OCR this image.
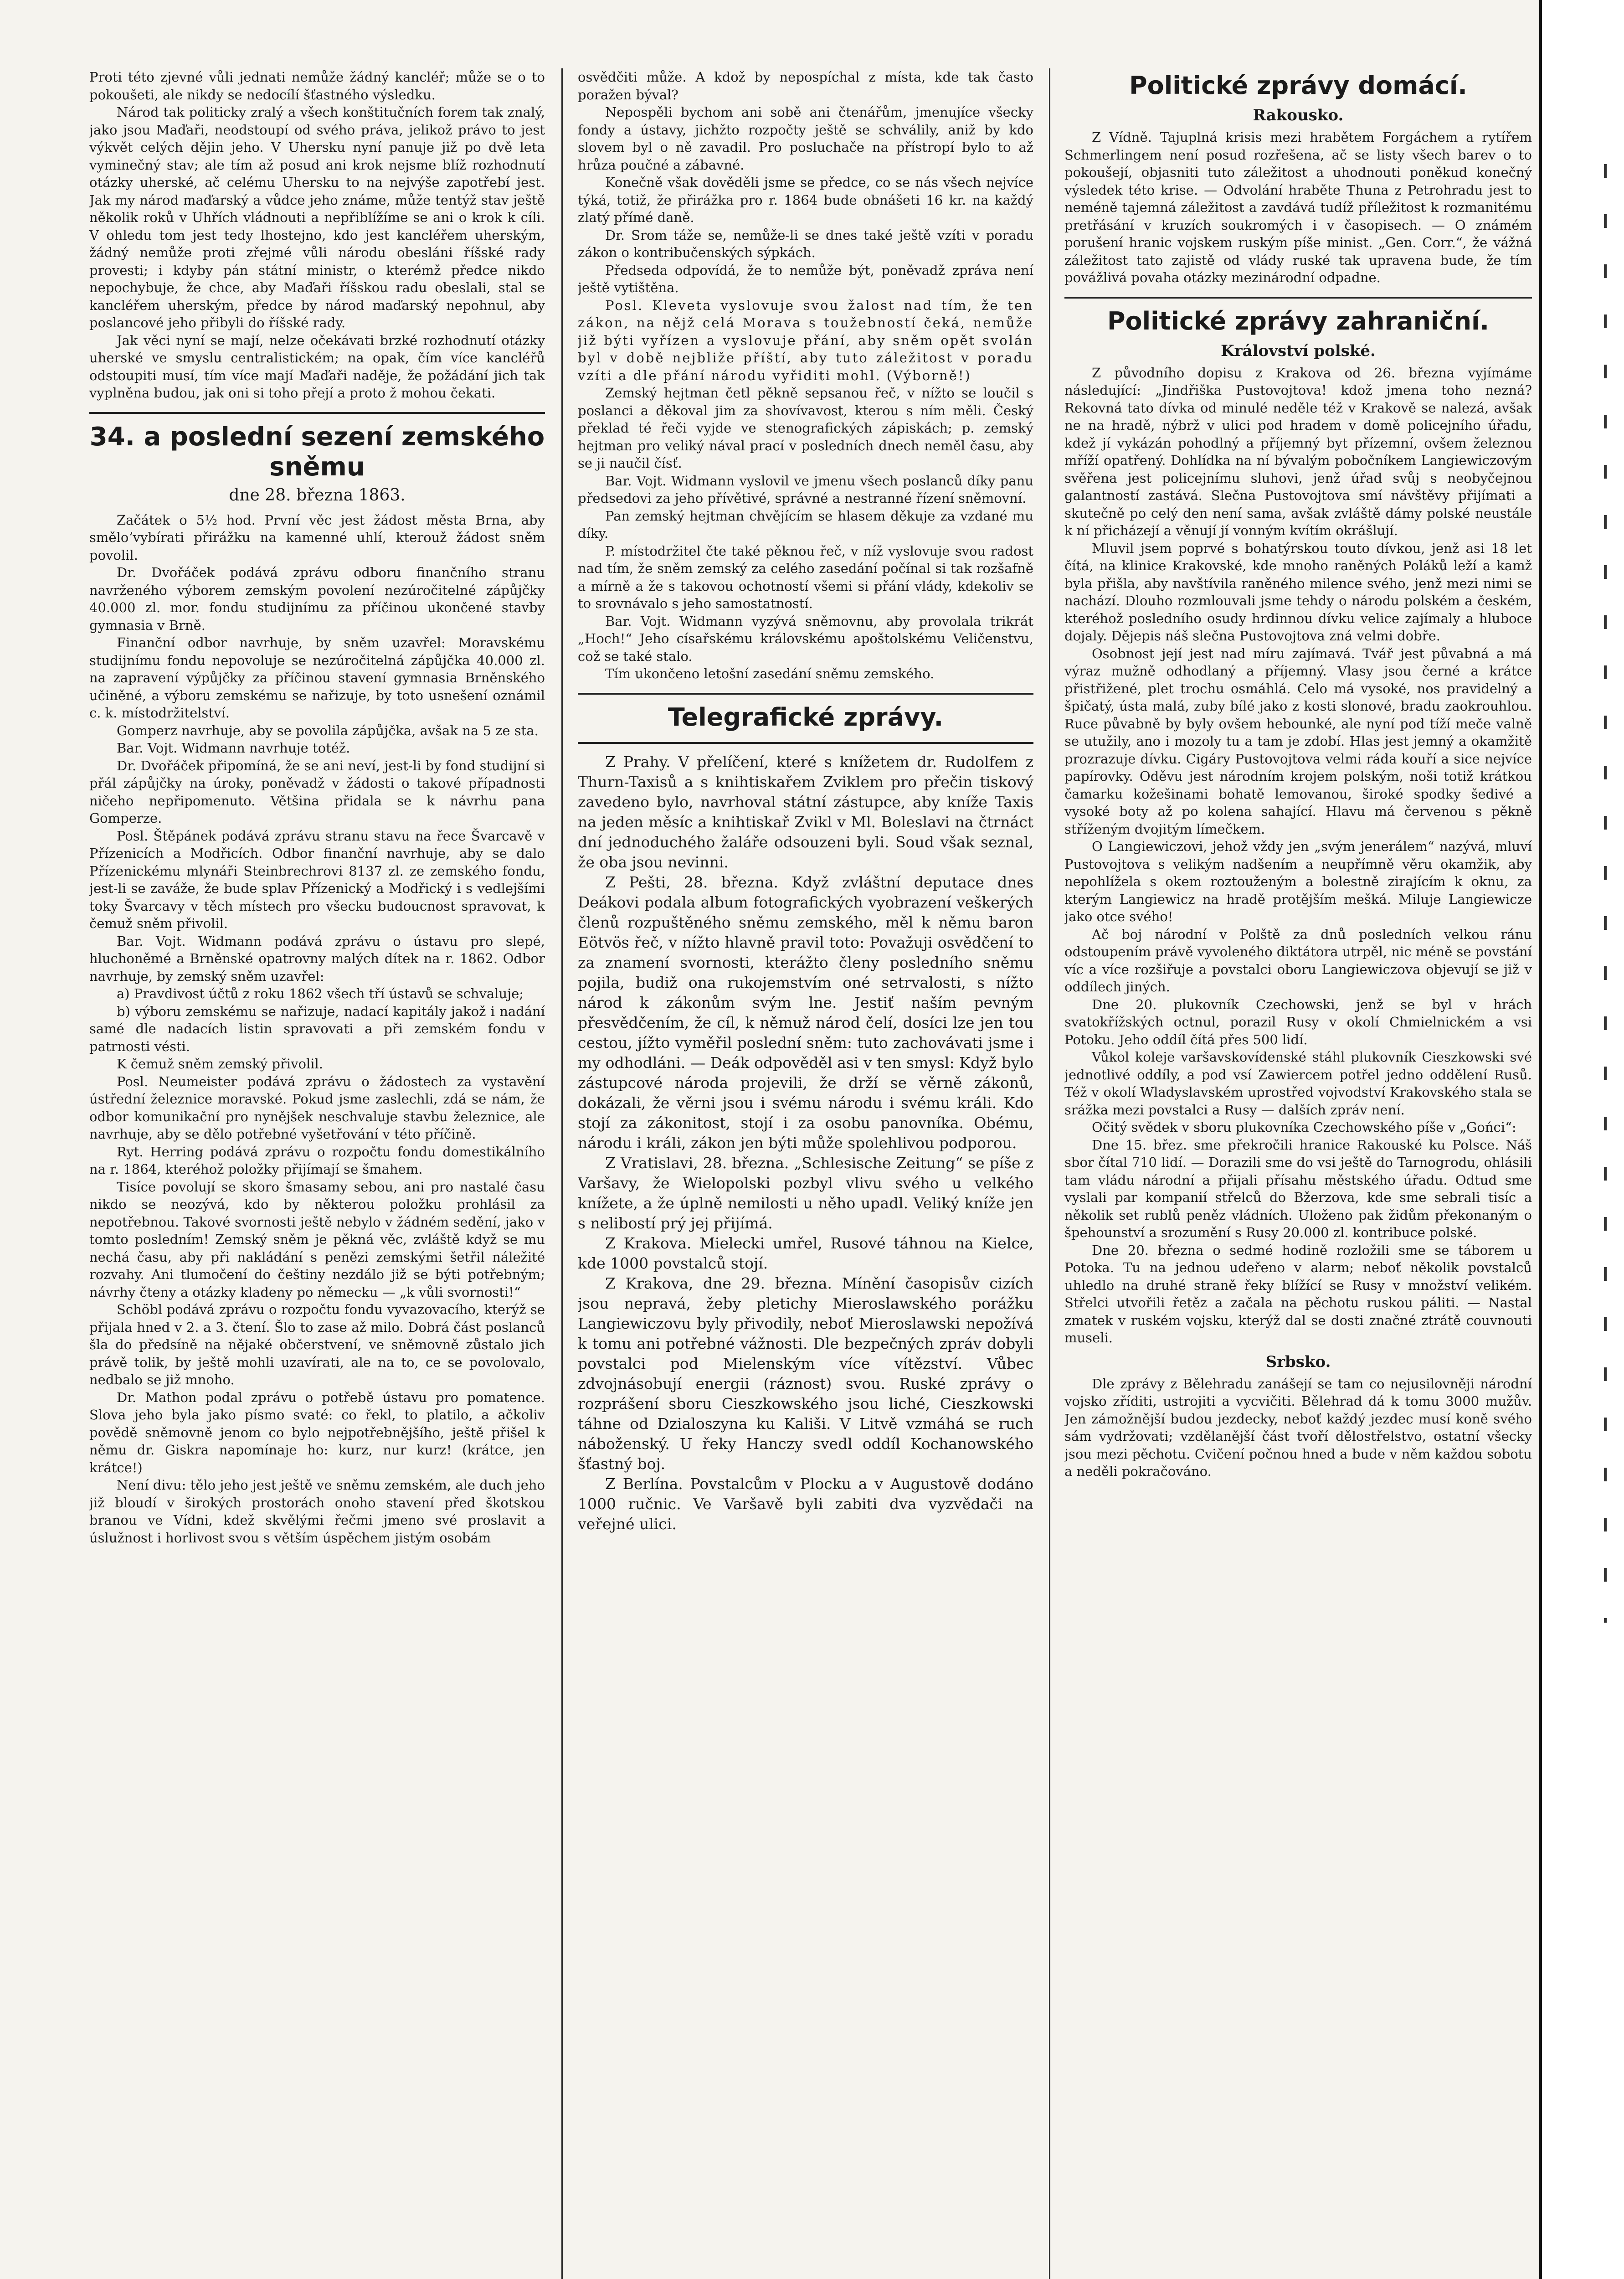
Proti této zjevné vůli jednati nemůže žádný kancléř; může se o to pokoušeti, ale nikdy se nedocílí šťastného výsledku.

Národ tak politicky zralý a všech konštitučních forem tak znalý, jako jsou Maďaři, neodstoupí od svého práva, jelikož právo to jest výkvět celých dějin jeho. V Uhersku nyní panuje již po dvě leta vyminečný stav; ale tím až posud ani krok nejsme blíž rozhodnutí otázky uherské, ač celému Uhersku to na nejvýše zapotřebí jest. Jak my národ maďarský a vůdce jeho známe, může tentýž stav ještě několik roků v Uhřích vládnouti a nepřiblížíme se ani o krok k cíli. V ohledu tom jest tedy lhostejno, kdo jest kancléřem uherským, žádný nemůže proti zřejmé vůli národu obesláni říšské rady provesti; i kdyby pán státní ministr, o kterémž předce nikdo nepochybuje, že chce, aby Maďaři říšskou radu obeslali, stal se kancléřem uherským, předce by národ maďarský nepohnul, aby poslancové jeho přibyli do říšské rady.

Jak věci nyní se mají, nelze očekávati brzké rozhodnutí otázky uherské ve smyslu centralistickém; na opak, čím více kancléřů odstoupiti musí, tím více mají Maďaři naděje, že požádání jich tak vyplněna budou, jak oni si toho přejí a proto ž mohou čekati.

34. a poslední sezení zemského sněmu
dne 28. března 1863.

Začátek o 5½ hod. První věc jest žádost města Brna, aby směloʼvybírati přirážku na kamenné uhlí, kterouž žádost sněm povolil.

Dr. Dvořáček podává zprávu odboru finančního stranu navrženého výborem zemským povolení nezúročitelné zápůjčky 40.000 zl. mor. fondu studijnímu za příčinou ukončené stavby gymnasia v Brně.

Finanční odbor navrhuje, by sněm uzavřel: Moravskému studijnímu fondu nepovoluje se nezúročitelná zápůjčka 40.000 zl. na zapravení výpůjčky za příčinou stavení gymnasia Brněnského učiněné, a výboru zemskému se nařizuje, by toto usnešení oznámil c. k. místodržitelství.

Gomperz navrhuje, aby se povolila zápůjčka, avšak na 5 ze sta.

Bar. Vojt. Widmann navrhuje totéž.

Dr. Dvořáček připomíná, že se ani neví, jest-li by fond studijní si přál zápůjčky na úroky, poněvadž v žádosti o takové případnosti ničeho nepřipomenuto. Většina přidala se k návrhu pana Gomperze.

Posl. Štěpánek podává zprávu stranu stavu na řece Švarcavě v Přízenicích a Modřicích. Odbor finanční navrhuje, aby se dalo Přízenickému mlynáři Steinbrechrovi 8137 zl. ze zemského fondu, jest-li se zaváže, že bude splav Přízenický a Modřický i s vedlejšími toky Švarcavy v těch místech pro všecku budoucnost spravovat, k čemuž sněm přivolil.

Bar. Vojt. Widmann podává zprávu o ústavu pro slepé, hluchoněmé a Brněnské opatrovny malých dítek na r. 1862. Odbor navrhuje, by zemský sněm uzavřel:

a) Pravdivost účtů z roku 1862 všech tří ústavů se schvaluje;

b) výboru zemskému se nařizuje, nadací kapitály jakož i nadání samé dle nadacích listin spravovati a při zemském fondu v patrnosti vésti.

K čemuž sněm zemský přivolil.

Posl. Neumeister podává zprávu o žádostech za vystavění ústřední železnice moravské. Pokud jsme zaslechli, zdá se nám, že odbor komunikační pro nynějšek neschvaluje stavbu železnice, ale navrhuje, aby se dělo potřebné vyšetřování v této příčině.

Ryt. Herring podává zprávu o rozpočtu fondu domestikálního na r. 1864, kteréhož položky přijímají se šmahem.

Tisíce povolují se skoro šmasamy sebou, ani pro nastalé času nikdo se neozývá, kdo by některou položku prohlásil za nepotřebnou. Takové svornosti ještě nebylo v žádném sedění, jako v tomto posledním! Zemský sněm je pěkná věc, zvláště když se mu nechá času, aby při nakládání s penězi zemskými šetřil náležité rozvahy. Ani tlumočení do češtiny nezdálo již se býti potřebným; návrhy čteny a otázky kladeny po německu — „k vůli svornosti!“

Schöbl podává zprávu o rozpočtu fondu vyvazovacího, kterýž se přijala hned v 2. a 3. čtení. Šlo to zase až milo. Dobrá část poslanců šla do předsíně na nějaké občerstvení, ve sněmovně zůstalo jich právě tolik, by ještě mohli uzavírati, ale na to, ce se povolovalo, nedbalo se již mnoho.

Dr. Mathon podal zprávu o potřebě ústavu pro pomatence. Slova jeho byla jako písmo svaté: co řekl, to platilo, a ačkoliv povědě sněmovně jenom co bylo nejpotřebnějšího, ještě přišel k němu dr. Giskra napomínaje ho: kurz, nur kurz! (krátce, jen krátce!)

Není divu: tělo jeho jest ještě ve sněmu zemském, ale duch jeho již bloudí v širokých prostorách onoho stavení před škotskou branou ve Vídni, kdež skvělými řečmi jmeno své proslavit a úslužnost i horlivost svou s větším úspěchem jistým osobám

osvědčiti může. A kdož by nepospíchal z místa, kde tak často poražen býval?

Nepospěli bychom ani sobě ani čtenářům, jmenujíce všecky fondy a ústavy, jichžto rozpočty ještě se schválily, aniž by kdo slovem byl o ně zavadil. Pro posluchače na přístropí bylo to až hrůza poučné a zábavné.

Konečně však dověděli jsme se předce, co se nás všech nejvíce týká, totiž, že přirážka pro r. 1864 bude obnášeti 16 kr. na každý zlatý přímé daně.

Dr. Srom táže se, nemůže-li se dnes také ještě vzíti v poradu zákon o kontribučenských sýpkách.

Předseda odpovídá, že to nemůže být, poněvadž zpráva není ještě vytištěna.

Posl. Kleveta vyslovuje svou žalost nad tím, že ten zákon, na nějž celá Morava s toužebností čeká, nemůže již býti vyřízen a vyslovuje přání, aby sněm opět svolán byl v době nejbliže příští, aby tuto záležitost v poradu vzíti a dle přání národu vyřiditi mohl. (Výborně!)

Zemský hejtman četl pěkně sepsanou řeč, v nížto se loučil s poslanci a děkoval jim za shovívavost, kterou s ním měli. Český překlad té řeči vyjde ve stenografických zápiskách; p. zemský hejtman pro veliký nával prací v posledních dnech neměl času, aby se ji naučil čísť.

Bar. Vojt. Widmann vyslovil ve jmenu všech poslanců díky panu předsedovi za jeho přívětivé, správné a nestranné řízení sněmovní.

Pan zemský hejtman chvějícím se hlasem děkuje za vzdané mu díky.

P. místodržitel čte také pěknou řeč, v níž vyslovuje svou radost nad tím, že sněm zemský za celého zasedání počínal si tak rozšafně a mírně a že s takovou ochotností všemi si přání vlády, kdekoliv se to srovnávalo s jeho samostatností.

Bar. Vojt. Widmann vyzývá sněmovnu, aby provolala trikrát „Hoch!“ Jeho císařskému královskému apoštolskému Veličenstvu, což se také stalo.

Tím ukončeno letošní zasedání sněmu zemského.

Telegrafické zprávy.

Z Prahy. V přelíčení, které s knížetem dr. Rudolfem z Thurn-Taxisů a s knihtiskařem Zviklem pro přečin tiskový zavedeno bylo, navrhoval státní zástupce, aby kníže Taxis na jeden měsíc a knihtiskař Zvikl v Ml. Boleslavi na čtrnáct dní jednoduchého žaláře odsouzeni byli. Soud však seznal, že oba jsou nevinni.

Z Pešti, 28. března. Když zvláštní deputace dnes Deákovi podala album fotografických vyobrazení veškerých členů rozpuštěného sněmu zemského, měl k němu baron Eötvös řeč, v nížto hlavně pravil toto: Považuji osvědčení to za znamení svornosti, kterážto členy posledního sněmu pojila, budiž ona rukojemstvím oné setrvalosti, s nížto národ k zákonům svým lne. Jestiť naším pevným přesvědčením, že cíl, k němuž národ čelí, dosíci lze jen tou cestou, jížto vyměřil poslední sněm: tuto zachovávati jsme i my odhodláni. — Deák odpověděl asi v ten smysl: Když bylo zástupcové národa projevili, že drží se věrně zákonů, dokázali, že věrni jsou i svému národu i svému králi. Kdo stojí za zákonitost, stojí i za osobu panovníka. Obému, národu i králi, zákon jen býti může spolehlivou podporou.

Z Vratislavi, 28. března. „Schlesische Zeitung“ se píše z Varšavy, že Wielopolski pozbyl vlivu svého u velkého knížete, a že úplně nemilosti u něho upadl. Veliký kníže jen s nelibostí prý jej přijímá.

Z Krakova. Mielecki umřel, Rusové táhnou na Kielce, kde 1000 povstalců stojí.

Z Krakova, dne 29. března. Mínění časopisův cizích jsou nepravá, žeby pletichy Mieroslawského porážku Langiewiczovu byly přivodily, neboť Mieroslawski nepožívá k tomu ani potřebné vážnosti. Dle bezpečných zpráv dobyli povstalci pod Mielenským více vítězství. Vůbec zdvojnásobují energii (ráznost) svou. Ruské zprávy o rozprášení sboru Cieszkowského jsou liché, Cieszkowski táhne od Dzialoszyna ku Kališi. V Litvě vzmáhá se ruch náboženský. U řeky Hanczy svedl oddíl Kochanowského šťastný boj.

Z Berlína. Povstalcům v Plocku a v Augustově dodáno 1000 ručnic. Ve Varšavě byli zabiti dva vyzvědači na veřejné ulici.

Politické zprávy domácí.
Rakousko.

Z Vídně. Tajuplná krisis mezi hrabětem Forgáchem a rytířem Schmerlingem není posud rozřešena, ač se listy všech barev o to pokoušejí, objasniti tuto záležitost a uhodnouti poněkud konečný výsledek této krise. — Odvolání hraběte Thuna z Petrohradu jest to neméně tajemná záležitost a zavdává tudíž příležitost k rozmanitému pretřásání v kruzích soukromých i v časopisech. — O známém porušení hranic vojskem ruským píše minist. „Gen. Corr.“, že vážná záležitost tato zajistě od vlády ruské tak upravena bude, že tím povážlivá povaha otázky mezinárodní odpadne.

Politické zprávy zahraniční.
Království polské.

Z původního dopisu z Krakova od 26. března vyjímáme následující: „Jindřiška Pustovojtova! kdož jmena toho nezná? Rekovná tato dívka od minulé neděle též v Krakově se nalezá, avšak ne na hradě, nýbrž v ulici pod hradem v domě policejního úřadu, kdež jí vykázán pohodlný a příjemný byt přízemní, ovšem železnou mříží opatřený. Dohlídka na ní bývalým pobočníkem Langiewiczovým svěřena jest policejnímu sluhovi, jenž úřad svůj s neobyčejnou galantností zastává. Slečna Pustovojtova smí návštěvy přijímati a skutečně po celý den není sama, avšak zvláště dámy polské neustále k ní přicházejí a věnují jí vonným kvítím okrášlují.

Mluvil jsem poprvé s bohatýrskou touto dívkou, jenž asi 18 let čítá, na klinice Krakovské, kde mnoho raněných Poláků leží a kamž byla přišla, aby navštívila raněného milence svého, jenž mezi nimi se nachází. Dlouho rozmlouvali jsme tehdy o národu polském a českém, kteréhož posledního osudy hrdinnou dívku velice zajímaly a hluboce dojaly. Dějepis náš slečna Pustovojtova zná velmi dobře.

Osobnost její jest nad míru zajímavá. Tvář jest půvabná a má výraz mužně odhodlaný a příjemný. Vlasy jsou černé a krátce přistřižené, plet trochu osmáhlá. Celo má vysoké, nos pravidelný a špičatý, ústa malá, zuby bílé jako z kosti slonové, bradu zaokrouhlou. Ruce půvabně by byly ovšem hebounké, ale nyní pod tíží meče valně se utužily, ano i mozoly tu a tam je zdobí. Hlas jest jemný a okamžitě prozrazuje dívku. Cigáry Pustovojtova velmi ráda kouří a sice nejvíce papírovky. Oděvu jest národním krojem polským, noši totiž krátkou čamarku kožešinami bohatě lemovanou, široké spodky šedivé a vysoké boty až po kolena sahající. Hlavu má červenou s pěkně stříženým dvojitým límečkem.

O Langiewiczovi, jehož vždy jen „svým jenerálem“ nazývá, mluví Pustovojtova s velikým nadšením a neupřímně věru okamžik, aby nepohlížela s okem roztouženým a bolestně zirajícím k oknu, za kterým Langiewicz na hradě protějším mešká. Miluje Langiewicze jako otce svého!

Ač boj národní v Polště za dnů posledních velkou ránu odstoupením právě vyvoleného diktátora utrpěl, nic méně se povstání víc a více rozšiřuje a povstalci oboru Langiewiczova objevují se již v oddílech jiných.

Dne 20. plukovník Czechowski, jenž se byl v hrách svatokřížských octnul, porazil Rusy v okolí Chmielnickém a vsi Potoku. Jeho oddíl čítá přes 500 lidí.

Vůkol koleje varšavskovídenské stáhl plukovník Cieszkowski své jednotlivé oddíly, a pod vsí Zawiercem potřel jedno oddělení Rusů. Též v okolí Wladyslavském uprostřed vojvodství Krakovského stala se srážka mezi povstalci a Rusy — dalších zpráv není.

Očitý svědek v sboru plukovníka Czechowského píše v „Gońci“:

Dne 15. břez. sme překročili hranice Rakouské ku Polsce. Náš sbor čítal 710 lidí. — Dorazili sme do vsi ještě do Tarnogrodu, ohlásili tam vládu národní a přijali přísahu městského úřadu. Odtud sme vyslali par kompanií střelců do Bžerzova, kde sme sebrali tisíc a několik set rublů peněz vládních. Uloženo pak židům překonaným o špehounství a srozumění s Rusy 20.000 zl. kontribuce polské.

Dne 20. března o sedmé hodině rozložili sme se táborem u Potoka. Tu na jednou udeřeno v alarm; neboť několik povstalců uhledlo na druhé straně řeky blížící se Rusy v množství velikém. Střelci utvořili řetěz a začala na pěchotu ruskou páliti. — Nastal zmatek v ruském vojsku, kterýž dal se dosti značné ztrátě couvnouti museli.

Srbsko.

Dle zprávy z Bělehradu zanášejí se tam co nejusilovněji národní vojsko zříditi, ustrojiti a vycvičiti. Bělehrad dá k tomu 3000 mužův. Jen zámožnější budou jezdecky, neboť každý jezdec musí koně svého sám vydržovati; vzdělanější část tvoří dělostřelstvo, ostatní všecky jsou mezi pěchotu. Cvičení počnou hned a bude v něm každou sobotu a neděli pokračováno.
